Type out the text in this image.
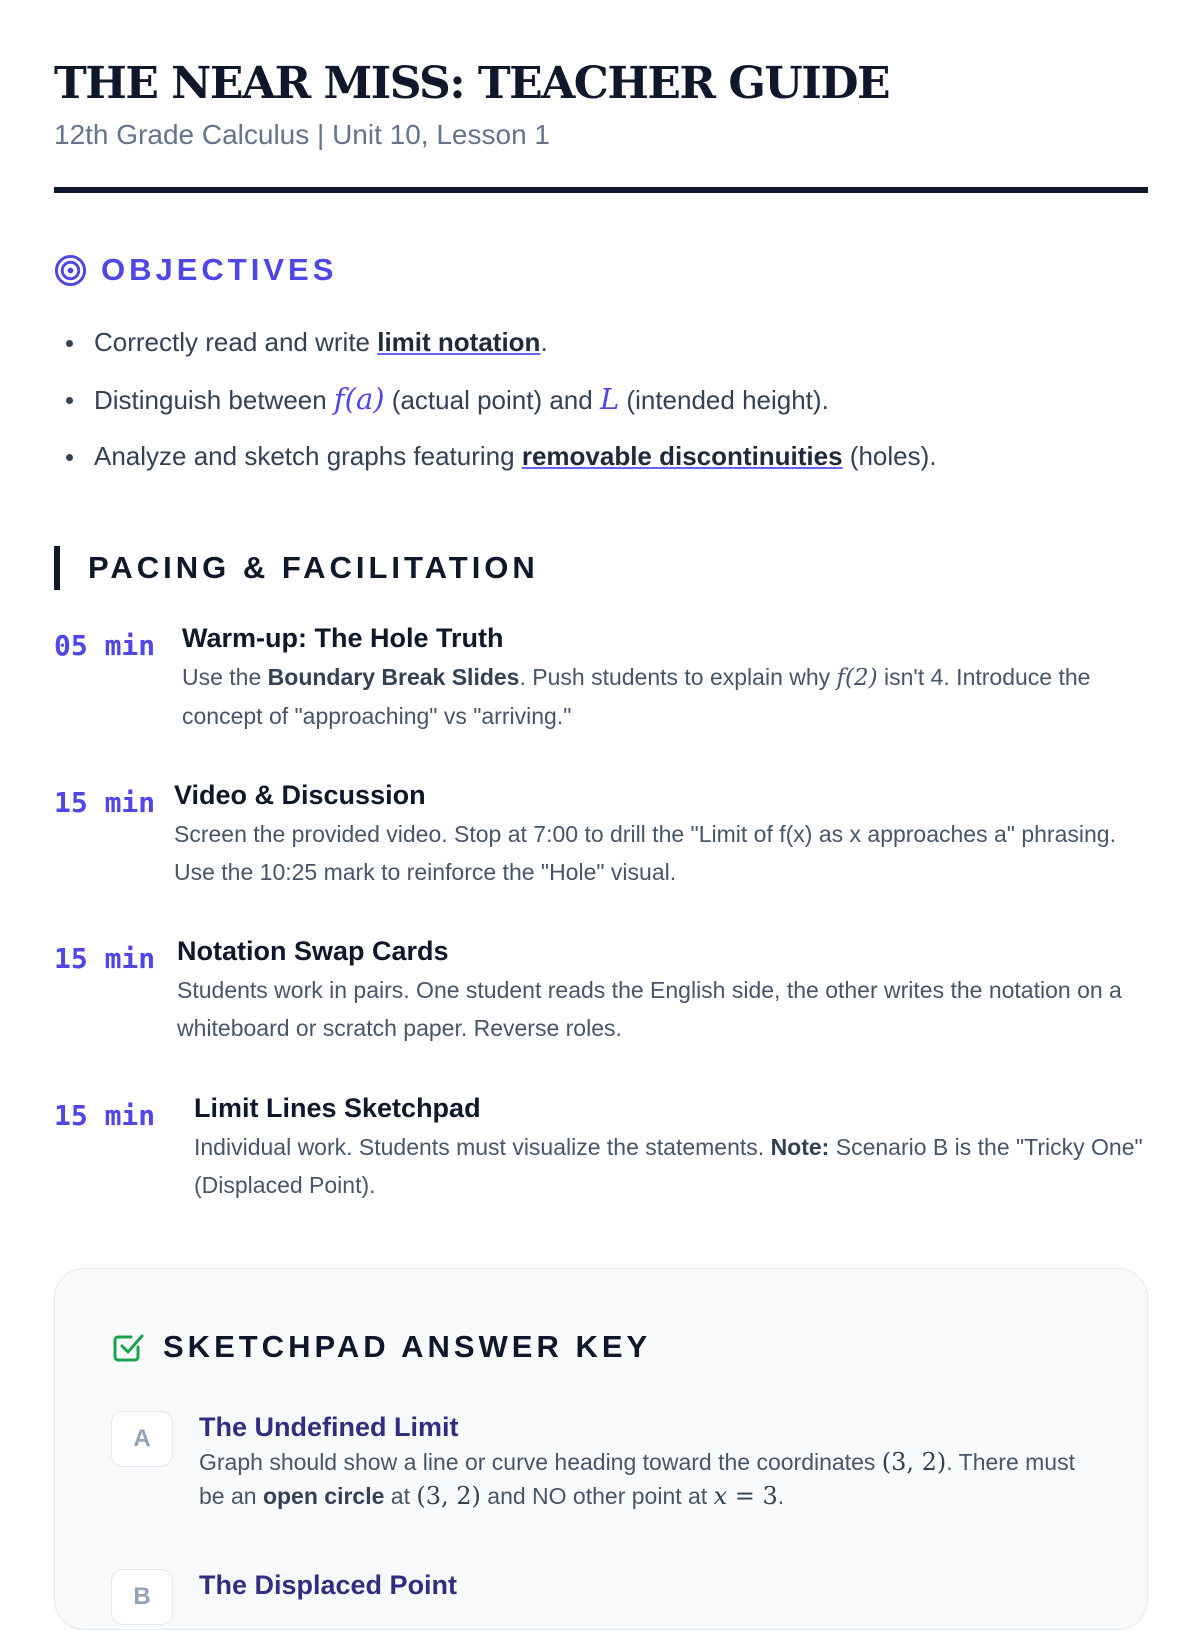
THE NEAR MISS: TEACHER GUIDE
12th Grade Calculus | Unit 10, Lesson 1
OBJECTIVES
Correctly read and write limit notation.
Distinguish between f(a) (actual point) and L (intended height).
Analyze and sketch graphs featuring removable discontinuities (holes).
PACING & FACILITATION
05 min Warm-up: The Hole Truth
Use the Boundary Break Slides. Push students to explain why f(2) isn't 4. Introduce the concept of "approaching" vs "arriving."
15 min Video & Discussion
Screen the provided video. Stop at 7:00 to drill the "Limit of f(x) as x approaches a" phrasing. Use the 10:25 mark to reinforce the "Hole" visual.
15 min Notation Swap Cards
Students work in pairs. One student reads the English side, the other writes the notation on a whiteboard or scratch paper. Reverse roles.
15 min	Limit Lines Sketchpad
Individual work. Students must visualize the statements. Note: Scenario B is the "Tricky One" (Displaced Point).
SKETCHPAD ANSWER KEY
A	The Undefined Limit
Graph should show a line or curve heading toward the coordinates (3, 2). There must be an open circle at (3, 2) and NO other point at x = 3.
B	The Displaced Point
